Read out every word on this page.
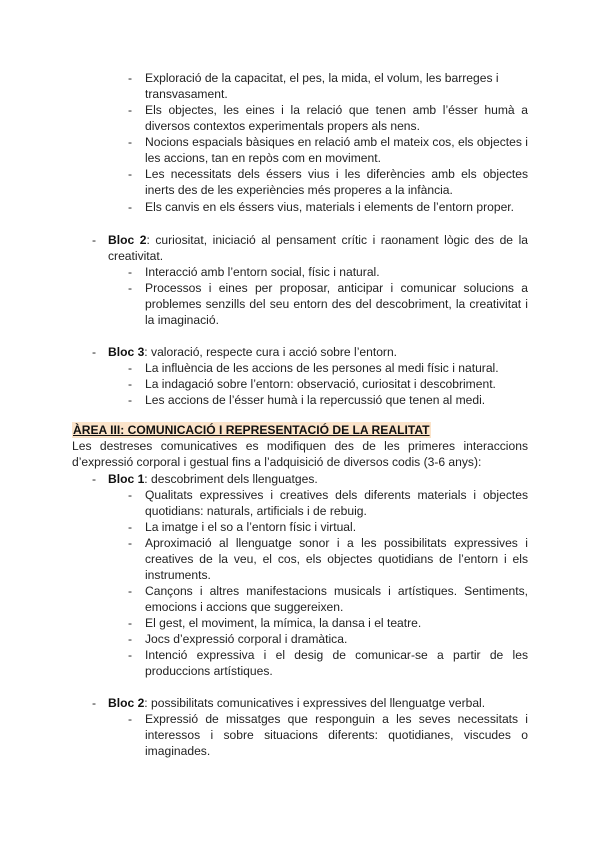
- Exploració de la capacitat, el pes, la mida, el volum, les barreges i transvasament.

- Els objectes, les eines i la relació que tenen amb l’ésser humà a diversos contextos experimentals propers als nens.

- Nocions espacials bàsiques en relació amb el mateix cos, els objectes i les accions, tan en repòs com en moviment.

- Les necessitats dels éssers vius i les diferències amb els objectes inerts des de les experiències més properes a la infància.

- Els canvis en els éssers vius, materials i elements de l’entorn proper.

- Bloc 2: curiositat, iniciació al pensament crític i raonament lògic des de la creativitat.

- Interacció amb l’entorn social, físic i natural.

- Processos i eines per proposar, anticipar i comunicar solucions a problemes senzills del seu entorn des del descobriment, la creativitat i la imaginació.

- Bloc 3: valoració, respecte cura i acció sobre l’entorn.

- La influència de les accions de les persones al medi físic i natural.

- La indagació sobre l’entorn: observació, curiositat i descobriment.

- Les accions de l’ésser humà i la repercussió que tenen al medi.

ÀREA III: COMUNICACIÓ I REPRESENTACIÓ DE LA REALITAT

Les destreses comunicatives es modifiquen des de les primeres interaccions d’expressió corporal i gestual fins a l’adquisició de diversos codis (3-6 anys):

- Bloc 1: descobriment dels llenguatges.

- Qualitats expressives i creatives dels diferents materials i objectes quotidians: naturals, artificials i de rebuig.

- La imatge i el so a l’entorn físic i virtual.

- Aproximació al llenguatge sonor i a les possibilitats expressives i creatives de la veu, el cos, els objectes quotidians de l’entorn i els instruments.

- Cançons i altres manifestacions musicals i artístiques. Sentiments, emocions i accions que suggereixen.

- El gest, el moviment, la mímica, la dansa i el teatre.

- Jocs d’expressió corporal i dramàtica.

- Intenció expressiva i el desig de comunicar-se a partir de les produccions artístiques.

- Bloc 2: possibilitats comunicatives i expressives del llenguatge verbal.

- Expressió de missatges que responguin a les seves necessitats i interessos i sobre situacions diferents: quotidianes, viscudes o imaginades.
